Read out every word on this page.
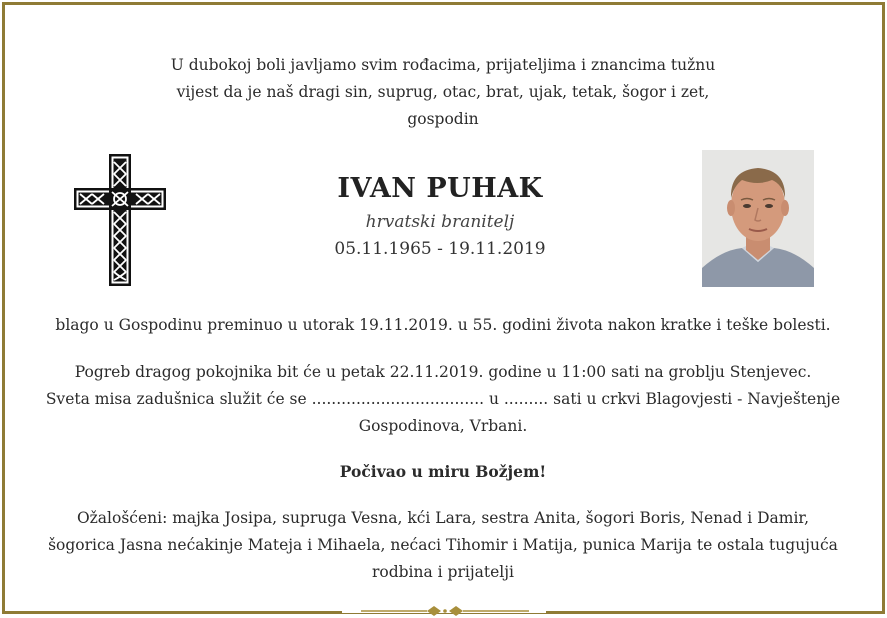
U dubokoj boli javljamo svim rođacima, prijateljima i znancima tužnu
vijest da je naš dragi sin, suprug, otac, brat, ujak, tetak, šogor i zet,
gospodin
IVAN PUHAK
hrvatski branitelj
05.11.1965 - 19.11.2019
blago u Gospodinu preminuo u utorak 19.11.2019. u 55. godini života nakon kratke i teške bolesti.
Pogreb dragog pokojnika bit će u petak 22.11.2019. godine u 11:00 sati na groblju Stenjevec.
Sveta misa zadušnica služit će se ................................... u ......... sati u crkvi Blagovjesti - Navještenje
Gospodinova, Vrbani.
Počivao u miru Božjem!
Ožalošćeni: majka Josipa, supruga Vesna, kći Lara, sestra Anita, šogori Boris, Nenad i Damir,
šogorica Jasna nećakinje Mateja i Mihaela, nećaci Tihomir i Matija, punica Marija te ostala tugujuća
rodbina i prijatelji
